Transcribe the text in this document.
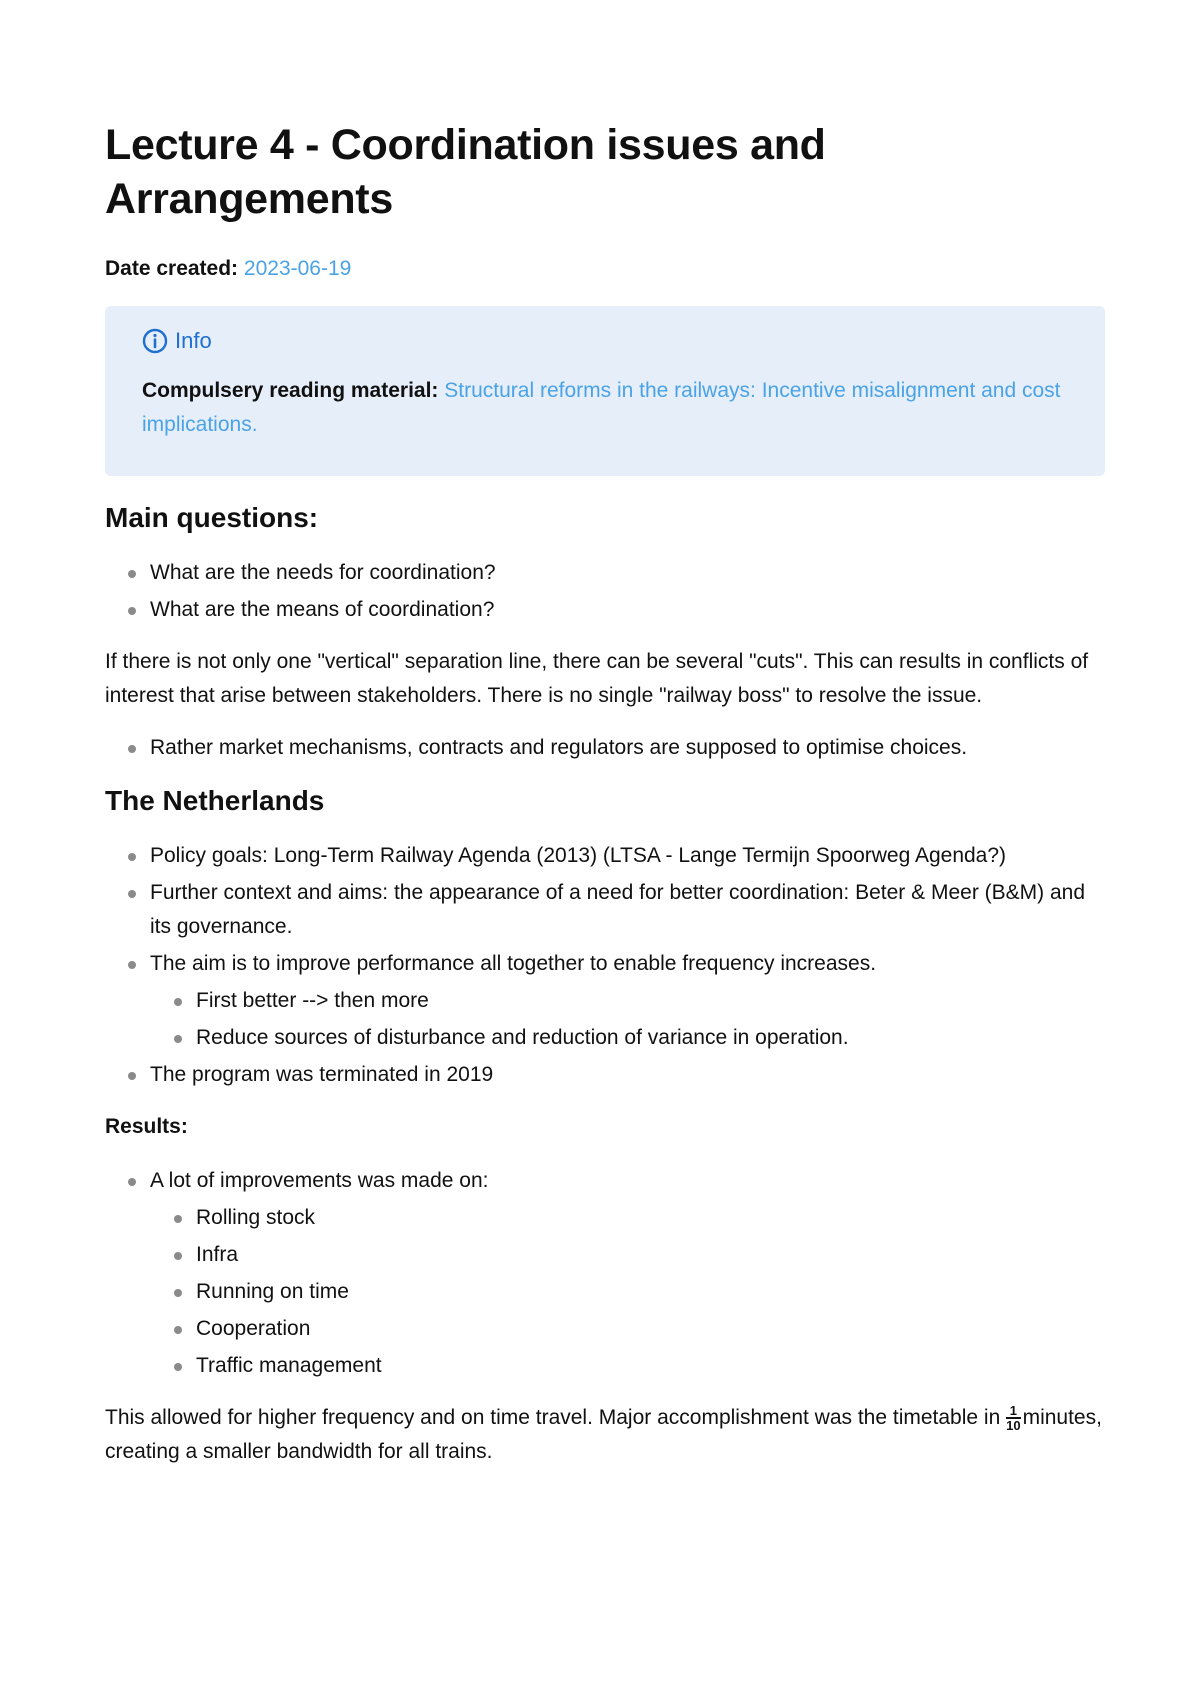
Lecture 4 - Coordination issues and Arrangements
Date created: 2023-06-19
Info
Compulsery reading material: Structural reforms in the railways: Incentive misalignment and cost implications.
Main questions:
What are the needs for coordination?
What are the means of coordination?

If there is not only one "vertical" separation line, there can be several "cuts". This can results in conflicts of interest that arise between stakeholders. There is no single "railway boss" to resolve the issue.

Rather market mechanisms, contracts and regulators are supposed to optimise choices.
The Netherlands
Policy goals: Long-Term Railway Agenda (2013) (LTSA - Lange Termijn Spoorweg Agenda?)
Further context and aims: the appearance of a need for better coordination: Beter & Meer (B&M) and its governance.
The aim is to improve performance all together to enable frequency increases.
First better --> then more
Reduce sources of disturbance and reduction of variance in operation.
The program was terminated in 2019
Results:
A lot of improvements was made on:
Rolling stock
Infra
Running on time
Cooperation
Traffic management

This allowed for higher frequency and on time travel. Major accomplishment was the timetable in $\frac{1}{10}$ minutes, creating a smaller bandwidth for all trains.
